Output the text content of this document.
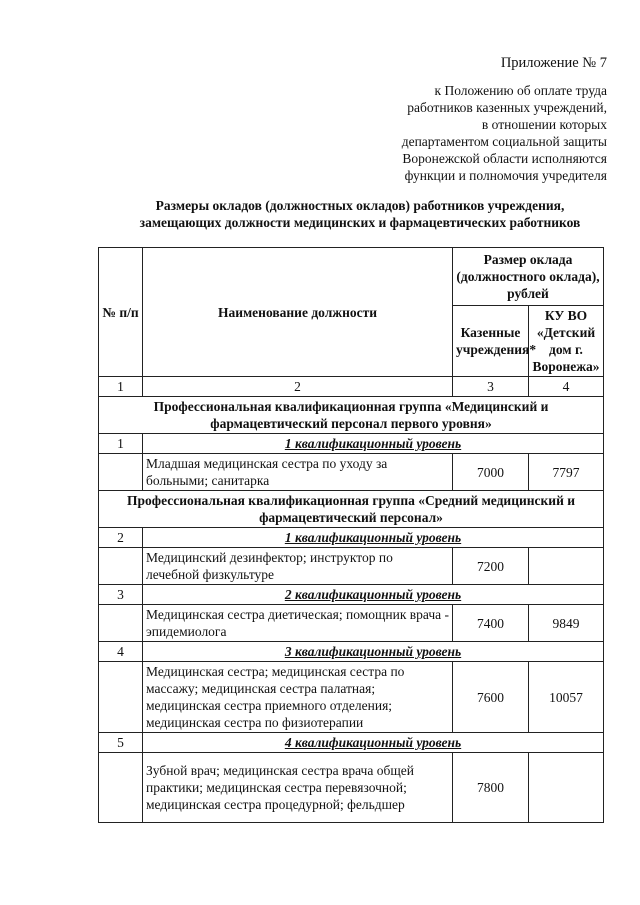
Приложение № 7
к Положению об оплате труда
работников казенных учреждений,
в отношении которых
департаментом социальной защиты
Воронежской области исполняются
функции и полномочия учредителя
Размеры окладов (должностных окладов) работников учреждения,
замещающих должности медицинских и фармацевтических работников
№ п/п	Наименование должности	Размер оклада (должностного оклада), рублей	
		Казенные учреждения*	КУ ВО «Детский дом г. Воронежа»
1	2	3	4
Профессиональная квалификационная группа «Медицинский и фармацевтический персонал первого уровня»			
1	1 квалификационный уровень		
	Младшая медицинская сестра по уходу за больными; санитарка	7000	7797
Профессиональная квалификационная группа «Средний медицинский и фармацевтический персонал»			
2	1 квалификационный уровень		
	Медицинский дезинфектор; инструктор по лечебной физкультуре	7200	
3	2 квалификационный уровень		
	Медицинская сестра диетическая; помощник врача - эпидемиолога	7400	9849
4	3 квалификационный уровень		
	Медицинская сестра; медицинская сестра по массажу; медицинская сестра палатная; медицинская сестра приемного отделения; медицинская сестра по физиотерапии	7600	10057
5	4 квалификационный уровень		
	Зубной врач; медицинская сестра врача общей практики; медицинская сестра перевязочной; медицинская сестра процедурной; фельдшер	7800	
